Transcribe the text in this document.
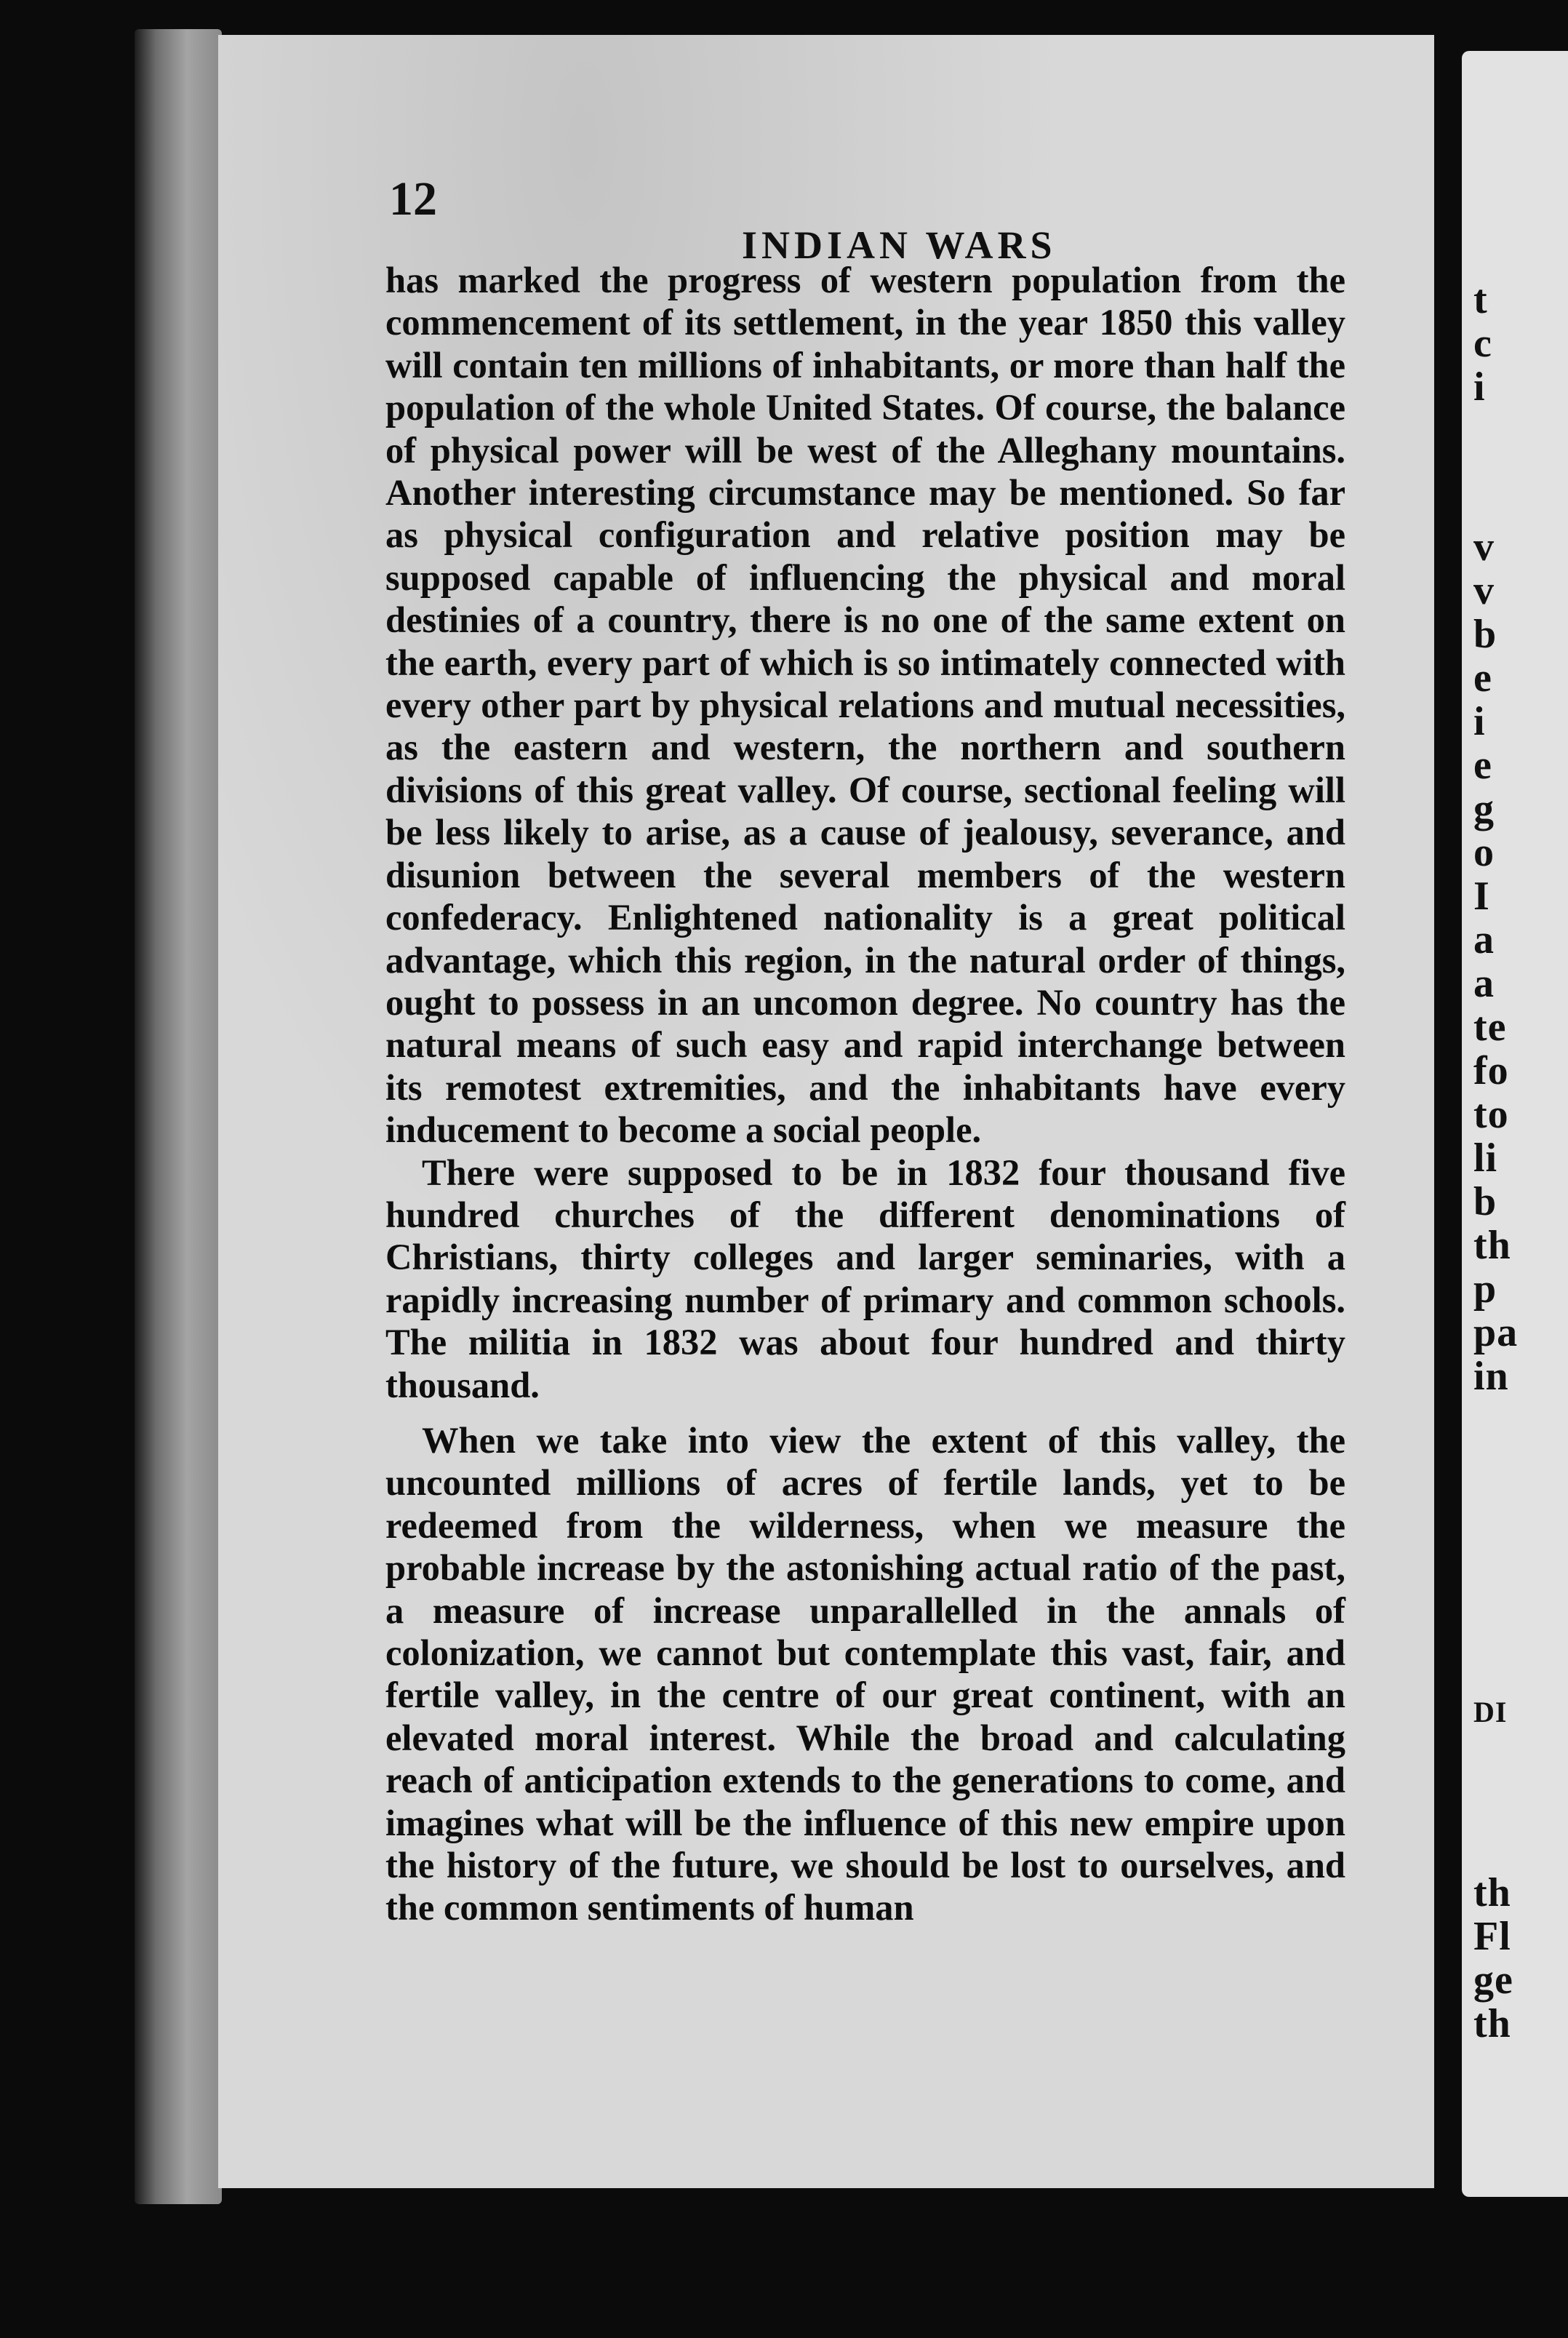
12
INDIAN WARS

has marked the progress of western population from the commencement of its settlement, in the year 1850 this valley will contain ten millions of inhabitants, or more than half the population of the whole United States. Of course, the balance of physical power will be west of the Alleghany mountains. Another interesting circumstance may be mentioned. So far as physical configuration and relative position may be supposed capable of influencing the physical and moral destinies of a country, there is no one of the same extent on the earth, every part of which is so intimately connected with every other part by physical relations and mutual necessities, as the eastern and western, the northern and southern divisions of this great valley. Of course, sectional feeling will be less likely to arise, as a cause of jealousy, severance, and disunion between the several members of the western confederacy. Enlightened nationality is a great political advantage, which this region, in the natural order of things, ought to possess in an uncomon degree. No country has the natural means of such easy and rapid interchange between its remotest extremities, and the inhabitants have every inducement to become a social people.

There were supposed to be in 1832 four thousand five hundred churches of the different denominations of Christians, thirty colleges and larger seminaries, with a rapidly increasing number of primary and common schools. The militia in 1832 was about four hundred and thirty thousand.

When we take into view the extent of this valley, the uncounted millions of acres of fertile lands, yet to be redeemed from the wilderness, when we measure the probable increase by the astonishing actual ratio of the past, a measure of increase unparallelled in the annals of colonization, we cannot but contemplate this vast, fair, and fertile valley, in the centre of our great continent, with an elevated moral interest. While the broad and calculating reach of anticipation extends to the generations to come, and imagines what will be the influence of this new empire upon the history of the future, we should be lost to ourselves, and the common sentiments of human

t
c
i
v
v
b
e
i
e
g
o
I
a
a
te
fo
to
li
b
th
p
pa
in
DI
th
Fl
ge
th
